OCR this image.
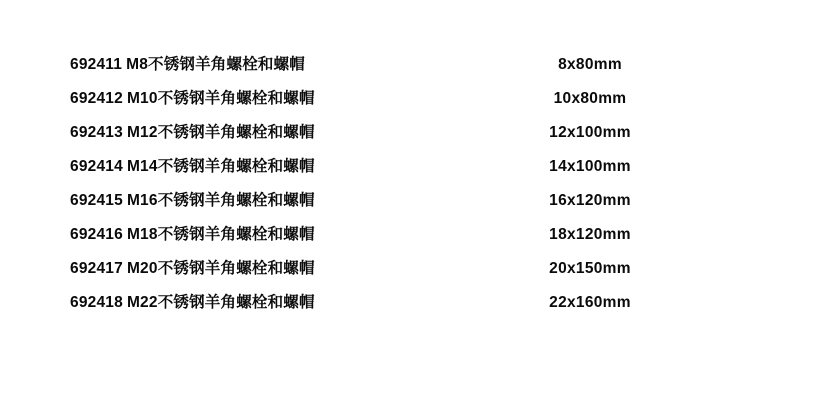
692411 M8不锈钢羊角螺栓和螺帽	8x80mm
692412 M10不锈钢羊角螺栓和螺帽	10x80mm
692413 M12不锈钢羊角螺栓和螺帽	12x100mm
692414 M14不锈钢羊角螺栓和螺帽	14x100mm
692415 M16不锈钢羊角螺栓和螺帽	16x120mm
692416 M18不锈钢羊角螺栓和螺帽	18x120mm
692417 M20不锈钢羊角螺栓和螺帽	20x150mm
692418 M22不锈钢羊角螺栓和螺帽	22x160mm
